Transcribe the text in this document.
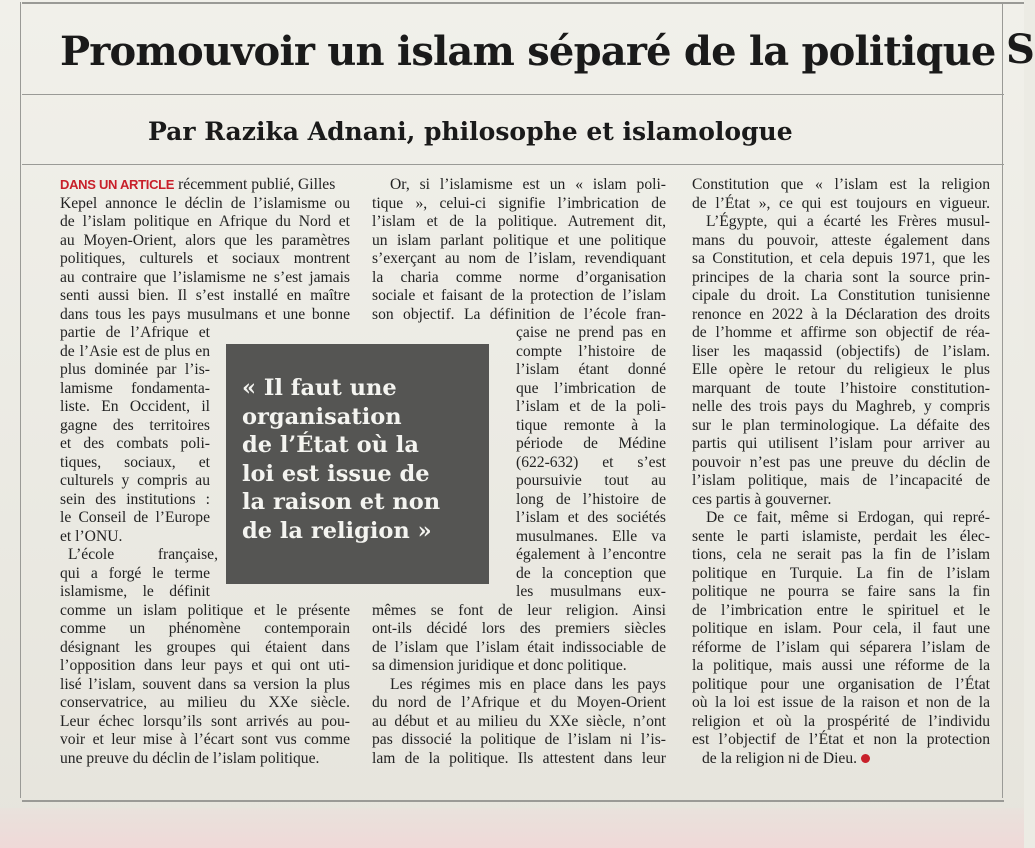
Promouvoir un islam séparé de la politique S
Par Razika Adnani, philosophe et islamologue
DANS UN ARTICLE récemment publié, Gilles
Kepel annonce le déclin de l’islamisme ou
de l’islam politique en Afrique du Nord et
au Moyen-Orient, alors que les paramètres
politiques, culturels et sociaux montrent
au contraire que l’islamisme ne s’est jamais
senti aussi bien. Il s’est installé en maître
dans tous les pays musulmans et une bonne
partie de l’Afrique et
de l’Asie est de plus en
plus dominée par l’is-
lamisme fondamenta-
liste. En Occident, il
gagne des territoires
et des combats poli-
tiques, sociaux, et
culturels y compris au
sein des institutions :
le Conseil de l’Europe
et l’ONU.
L’école française,
qui a forgé le terme
islamisme, le définit
comme un islam politique et le présente
comme un phénomène contemporain
désignant les groupes qui étaient dans
l’opposition dans leur pays et qui ont uti-
lisé l’islam, souvent dans sa version la plus
conservatrice, au milieu du XXe siècle.
Leur échec lorsqu’ils sont arrivés au pou-
voir et leur mise à l’écart sont vus comme
une preuve du déclin de l’islam politique.
Or, si l’islamisme est un « islam poli-
tique », celui-ci signifie l’imbrication de
l’islam et de la politique. Autrement dit,
un islam parlant politique et une politique
s’exerçant au nom de l’islam, revendiquant
la charia comme norme d’organisation
sociale et faisant de la protection de l’islam
son objectif. La définition de l’école fran-
çaise ne prend pas en
compte l’histoire de
l’islam étant donné
que l’imbrication de
l’islam et de la poli-
tique remonte à la
période de Médine
(622-632) et s’est
poursuivie tout au
long de l’histoire de
l’islam et des sociétés
musulmanes. Elle va
également à l’encontre
de la conception que
les musulmans eux-
mêmes se font de leur religion. Ainsi
ont-ils décidé lors des premiers siècles
de l’islam que l’islam était indissociable de
sa dimension juridique et donc politique.
Les régimes mis en place dans les pays
du nord de l’Afrique et du Moyen-Orient
au début et au milieu du XXe siècle, n’ont
pas dissocié la politique de l’islam ni l’is-
lam de la politique. Ils attestent dans leur
Constitution que « l’islam est la religion
de l’État », ce qui est toujours en vigueur.
L’Égypte, qui a écarté les Frères musul-
mans du pouvoir, atteste également dans
sa Constitution, et cela depuis 1971, que les
principes de la charia sont la source prin-
cipale du droit. La Constitution tunisienne
renonce en 2022 à la Déclaration des droits
de l’homme et affirme son objectif de réa-
liser les maqassid (objectifs) de l’islam.
Elle opère le retour du religieux le plus
marquant de toute l’histoire constitution-
nelle des trois pays du Maghreb, y compris
sur le plan terminologique. La défaite des
partis qui utilisent l’islam pour arriver au
pouvoir n’est pas une preuve du déclin de
l’islam politique, mais de l’incapacité de
ces partis à gouverner.
De ce fait, même si Erdogan, qui repré-
sente le parti islamiste, perdait les élec-
tions, cela ne serait pas la fin de l’islam
politique en Turquie. La fin de l’islam
politique ne pourra se faire sans la fin
de l’imbrication entre le spirituel et le
politique en islam. Pour cela, il faut une
réforme de l’islam qui séparera l’islam de
la politique, mais aussi une réforme de la
politique pour une organisation de l’État
où la loi est issue de la raison et non de la
religion et où la prospérité de l’individu
est l’objectif de l’État et non la protection
de la religion ni de Dieu.
« Il faut une
organisation
de l’État où la
loi est issue de
la raison et non
de la religion »
